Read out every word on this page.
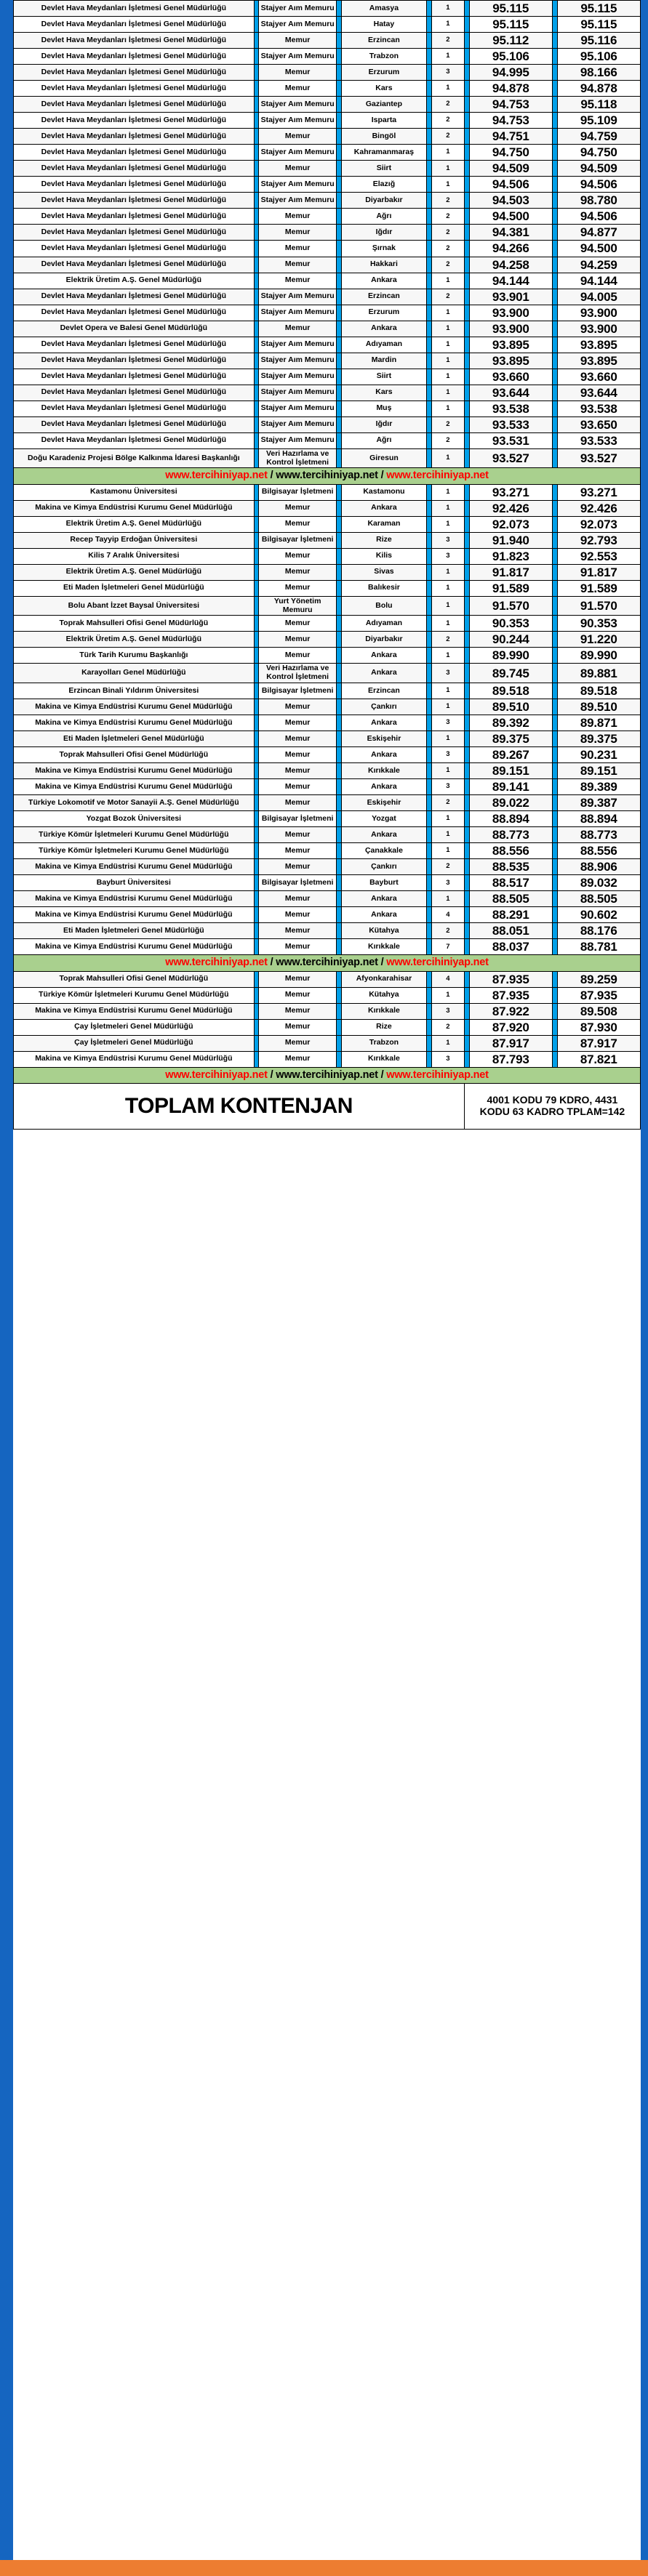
Devlet Hava Meydanları İşletmesi Genel Müdürlüğü		Stajyer Aım Memuru		Amasya		1		95.115		95.115
Devlet Hava Meydanları İşletmesi Genel Müdürlüğü		Stajyer Aım Memuru		Hatay		1		95.115		95.115
Devlet Hava Meydanları İşletmesi Genel Müdürlüğü		Memur		Erzincan		2		95.112		95.116
Devlet Hava Meydanları İşletmesi Genel Müdürlüğü		Stajyer Aım Memuru		Trabzon		1		95.106		95.106
Devlet Hava Meydanları İşletmesi Genel Müdürlüğü		Memur		Erzurum		3		94.995		98.166
Devlet Hava Meydanları İşletmesi Genel Müdürlüğü		Memur		Kars		1		94.878		94.878
Devlet Hava Meydanları İşletmesi Genel Müdürlüğü		Stajyer Aım Memuru		Gaziantep		2		94.753		95.118
Devlet Hava Meydanları İşletmesi Genel Müdürlüğü		Stajyer Aım Memuru		Isparta		2		94.753		95.109
Devlet Hava Meydanları İşletmesi Genel Müdürlüğü		Memur		Bingöl		2		94.751		94.759
Devlet Hava Meydanları İşletmesi Genel Müdürlüğü		Stajyer Aım Memuru		Kahramanmaraş		1		94.750		94.750
Devlet Hava Meydanları İşletmesi Genel Müdürlüğü		Memur		Siirt		1		94.509		94.509
Devlet Hava Meydanları İşletmesi Genel Müdürlüğü		Stajyer Aım Memuru		Elazığ		1		94.506		94.506
Devlet Hava Meydanları İşletmesi Genel Müdürlüğü		Stajyer Aım Memuru		Diyarbakır		2		94.503		98.780
Devlet Hava Meydanları İşletmesi Genel Müdürlüğü		Memur		Ağrı		2		94.500		94.506
Devlet Hava Meydanları İşletmesi Genel Müdürlüğü		Memur		Iğdır		2		94.381		94.877
Devlet Hava Meydanları İşletmesi Genel Müdürlüğü		Memur		Şırnak		2		94.266		94.500
Devlet Hava Meydanları İşletmesi Genel Müdürlüğü		Memur		Hakkari		2		94.258		94.259
Elektrik Üretim A.Ş. Genel Müdürlüğü		Memur		Ankara		1		94.144		94.144
Devlet Hava Meydanları İşletmesi Genel Müdürlüğü		Stajyer Aım Memuru		Erzincan		2		93.901		94.005
Devlet Hava Meydanları İşletmesi Genel Müdürlüğü		Stajyer Aım Memuru		Erzurum		1		93.900		93.900
Devlet Opera ve Balesi Genel Müdürlüğü		Memur		Ankara		1		93.900		93.900
Devlet Hava Meydanları İşletmesi Genel Müdürlüğü		Stajyer Aım Memuru		Adıyaman		1		93.895		93.895
Devlet Hava Meydanları İşletmesi Genel Müdürlüğü		Stajyer Aım Memuru		Mardin		1		93.895		93.895
Devlet Hava Meydanları İşletmesi Genel Müdürlüğü		Stajyer Aım Memuru		Siirt		1		93.660		93.660
Devlet Hava Meydanları İşletmesi Genel Müdürlüğü		Stajyer Aım Memuru		Kars		1		93.644		93.644
Devlet Hava Meydanları İşletmesi Genel Müdürlüğü		Stajyer Aım Memuru		Muş		1		93.538		93.538
Devlet Hava Meydanları İşletmesi Genel Müdürlüğü		Stajyer Aım Memuru		Iğdır		2		93.533		93.650
Devlet Hava Meydanları İşletmesi Genel Müdürlüğü		Stajyer Aım Memuru		Ağrı		2		93.531		93.533
Doğu Karadeniz Projesi Bölge Kalkınma İdaresi Başkanlığı		Veri Hazırlama ve Kontrol İşletmeni		Giresun		1		93.527		93.527
www.tercihiniyap.net / www.tercihiniyap.net / www.tercihiniyap.net										
Kastamonu Üniversitesi		Bilgisayar İşletmeni		Kastamonu		1		93.271		93.271
Makina ve Kimya Endüstrisi Kurumu Genel Müdürlüğü		Memur		Ankara		1		92.426		92.426
Elektrik Üretim A.Ş. Genel Müdürlüğü		Memur		Karaman		1		92.073		92.073
Recep Tayyip Erdoğan Üniversitesi		Bilgisayar İşletmeni		Rize		3		91.940		92.793
Kilis 7 Aralık Üniversitesi		Memur		Kilis		3		91.823		92.553
Elektrik Üretim A.Ş. Genel Müdürlüğü		Memur		Sivas		1		91.817		91.817
Eti Maden İşletmeleri Genel Müdürlüğü		Memur		Balıkesir		1		91.589		91.589
Bolu Abant İzzet Baysal Üniversitesi		Yurt Yönetim Memuru		Bolu		1		91.570		91.570
Toprak Mahsulleri Ofisi Genel Müdürlüğü		Memur		Adıyaman		1		90.353		90.353
Elektrik Üretim A.Ş. Genel Müdürlüğü		Memur		Diyarbakır		2		90.244		91.220
Türk Tarih Kurumu Başkanlığı		Memur		Ankara		1		89.990		89.990
Karayolları Genel Müdürlüğü		Veri Hazırlama ve Kontrol İşletmeni		Ankara		3		89.745		89.881
Erzincan Binali Yıldırım Üniversitesi		Bilgisayar İşletmeni		Erzincan		1		89.518		89.518
Makina ve Kimya Endüstrisi Kurumu Genel Müdürlüğü		Memur		Çankırı		1		89.510		89.510
Makina ve Kimya Endüstrisi Kurumu Genel Müdürlüğü		Memur		Ankara		3		89.392		89.871
Eti Maden İşletmeleri Genel Müdürlüğü		Memur		Eskişehir		1		89.375		89.375
Toprak Mahsulleri Ofisi Genel Müdürlüğü		Memur		Ankara		3		89.267		90.231
Makina ve Kimya Endüstrisi Kurumu Genel Müdürlüğü		Memur		Kırıkkale		1		89.151		89.151
Makina ve Kimya Endüstrisi Kurumu Genel Müdürlüğü		Memur		Ankara		3		89.141		89.389
Türkiye Lokomotif ve Motor Sanayii A.Ş. Genel Müdürlüğü		Memur		Eskişehir		2		89.022		89.387
Yozgat Bozok Üniversitesi		Bilgisayar İşletmeni		Yozgat		1		88.894		88.894
Türkiye Kömür İşletmeleri Kurumu Genel Müdürlüğü		Memur		Ankara		1		88.773		88.773
Türkiye Kömür İşletmeleri Kurumu Genel Müdürlüğü		Memur		Çanakkale		1		88.556		88.556
Makina ve Kimya Endüstrisi Kurumu Genel Müdürlüğü		Memur		Çankırı		2		88.535		88.906
Bayburt Üniversitesi		Bilgisayar İşletmeni		Bayburt		3		88.517		89.032
Makina ve Kimya Endüstrisi Kurumu Genel Müdürlüğü		Memur		Ankara		1		88.505		88.505
Makina ve Kimya Endüstrisi Kurumu Genel Müdürlüğü		Memur		Ankara		4		88.291		90.602
Eti Maden İşletmeleri Genel Müdürlüğü		Memur		Kütahya		2		88.051		88.176
Makina ve Kimya Endüstrisi Kurumu Genel Müdürlüğü		Memur		Kırıkkale		7		88.037		88.781
www.tercihiniyap.net / www.tercihiniyap.net / www.tercihiniyap.net										
Toprak Mahsulleri Ofisi Genel Müdürlüğü		Memur		Afyonkarahisar		4		87.935		89.259
Türkiye Kömür İşletmeleri Kurumu Genel Müdürlüğü		Memur		Kütahya		1		87.935		87.935
Makina ve Kimya Endüstrisi Kurumu Genel Müdürlüğü		Memur		Kırıkkale		3		87.922		89.508
Çay İşletmeleri Genel Müdürlüğü		Memur		Rize		2		87.920		87.930
Çay İşletmeleri Genel Müdürlüğü		Memur		Trabzon		1		87.917		87.917
Makina ve Kimya Endüstrisi Kurumu Genel Müdürlüğü		Memur		Kırıkkale		3		87.793		87.821
www.tercihiniyap.net / www.tercihiniyap.net / www.tercihiniyap.net										
TOPLAM KONTENJAN							4001 KODU 79 KDRO, 4431
KODU 63 KADRO TPLAM=142			
